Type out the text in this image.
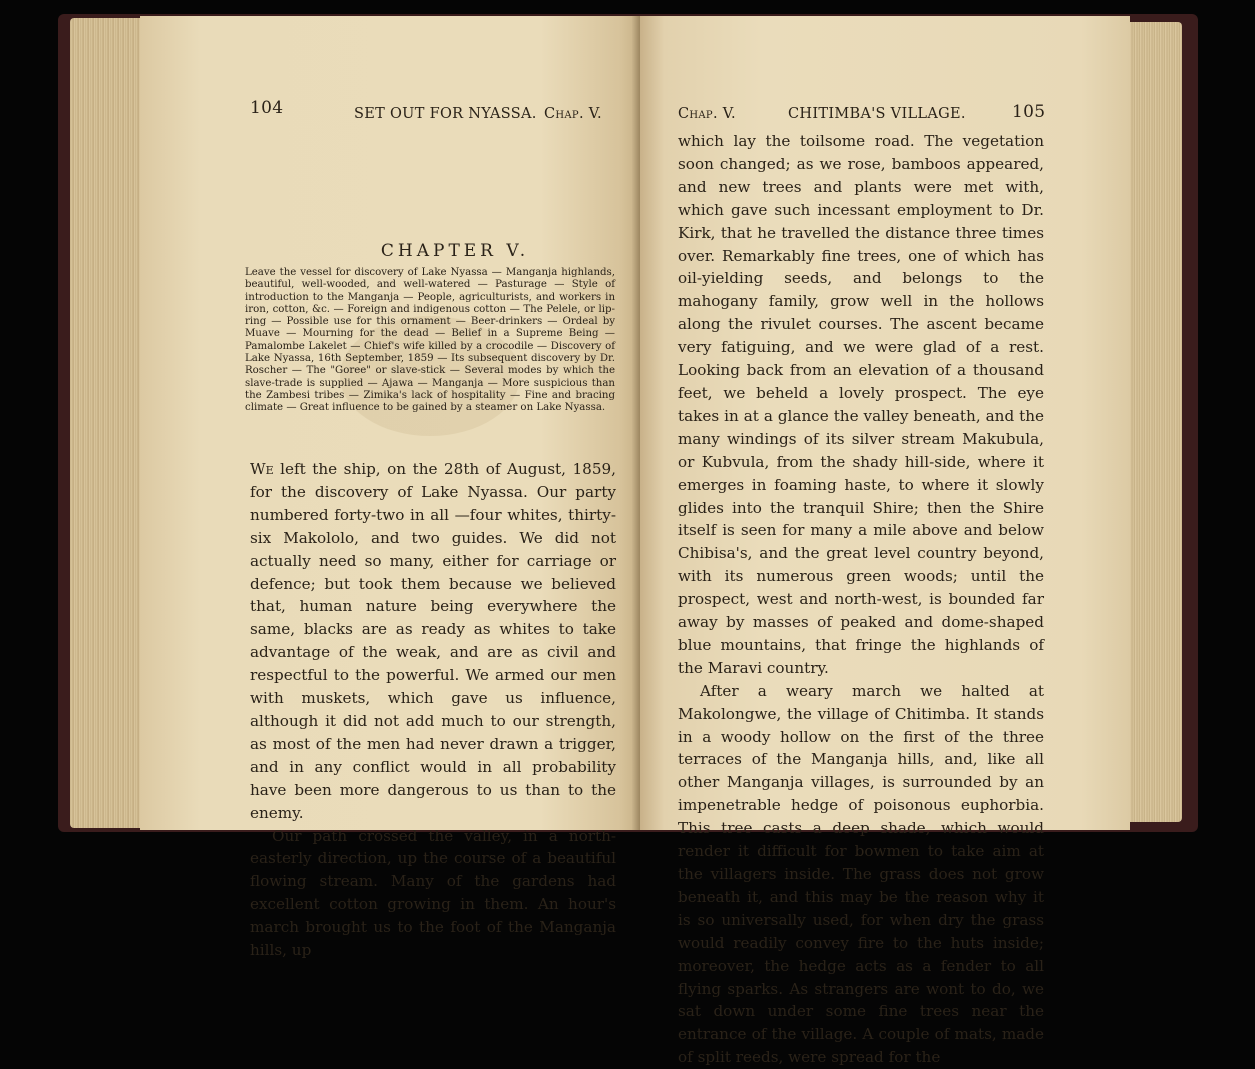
104	SET OUT FOR NYASSA. Chap. V.
CHAPTER V.
Leave the vessel for discovery of Lake Nyassa — Manganja highlands, beautiful, well-wooded, and well-watered — Pasturage — Style of introduction to the Manganja — People, agriculturists, and workers in iron, cotton, &c. — Foreign and indigenous cotton — The Pelele, or lip-ring — Possible use for this ornament — Beer-drinkers — Ordeal by Muave — Mourning for the dead — Belief in a Supreme Being — Pamalombe Lakelet — Chief's wife killed by a crocodile — Discovery of Lake Nyassa, 16th September, 1859 — Its subsequent discovery by Dr. Roscher — The "Goree" or slave-stick — Several modes by which the slave-trade is supplied — Ajawa — Manganja — More suspicious than the Zambesi tribes — Zimika's lack of hospitality — Fine and bracing climate — Great influence to be gained by a steamer on Lake Nyassa.

We left the ship, on the 28th of August, 1859, for the discovery of Lake Nyassa. Our party numbered forty-two in all —four whites, thirty-six Makololo, and two guides. We did not actually need so many, either for carriage or defence; but took them because we believed that, human nature being everywhere the same, blacks are as ready as whites to take advantage of the weak, and are as civil and respectful to the powerful. We armed our men with muskets, which gave us influence, although it did not add much to our strength, as most of the men had never drawn a trigger, and in any conflict would in all probability have been more dangerous to us than to the enemy.

Our path crossed the valley, in a north-easterly direction, up the course of a beautiful flowing stream. Many of the gardens had excellent cotton growing in them. An hour's march brought us to the foot of the Manganja hills, up

Chap. V.	CHITIMBA'S VILLAGE.	105

which lay the toilsome road. The vegetation soon changed; as we rose, bamboos appeared, and new trees and plants were met with, which gave such incessant employment to Dr. Kirk, that he travelled the distance three times over. Remarkably fine trees, one of which has oil-yielding seeds, and belongs to the mahogany family, grow well in the hollows along the rivulet courses. The ascent became very fatiguing, and we were glad of a rest. Looking back from an elevation of a thousand feet, we beheld a lovely prospect. The eye takes in at a glance the valley beneath, and the many windings of its silver stream Makubula, or Kubvula, from the shady hill-side, where it emerges in foaming haste, to where it slowly glides into the tranquil Shire; then the Shire itself is seen for many a mile above and below Chibisa's, and the great level country beyond, with its numerous green woods; until the prospect, west and north-west, is bounded far away by masses of peaked and dome-shaped blue mountains, that fringe the highlands of the Maravi country.

After a weary march we halted at Makolongwe, the village of Chitimba. It stands in a woody hollow on the first of the three terraces of the Manganja hills, and, like all other Manganja villages, is surrounded by an impenetrable hedge of poisonous euphorbia. This tree casts a deep shade, which would render it difficult for bowmen to take aim at the villagers inside. The grass does not grow beneath it, and this may be the reason why it is so universally used, for when dry the grass would readily convey fire to the huts inside; moreover, the hedge acts as a fender to all flying sparks. As strangers are wont to do, we sat down under some fine trees near the entrance of the village. A couple of mats, made of split reeds, were spread for the
